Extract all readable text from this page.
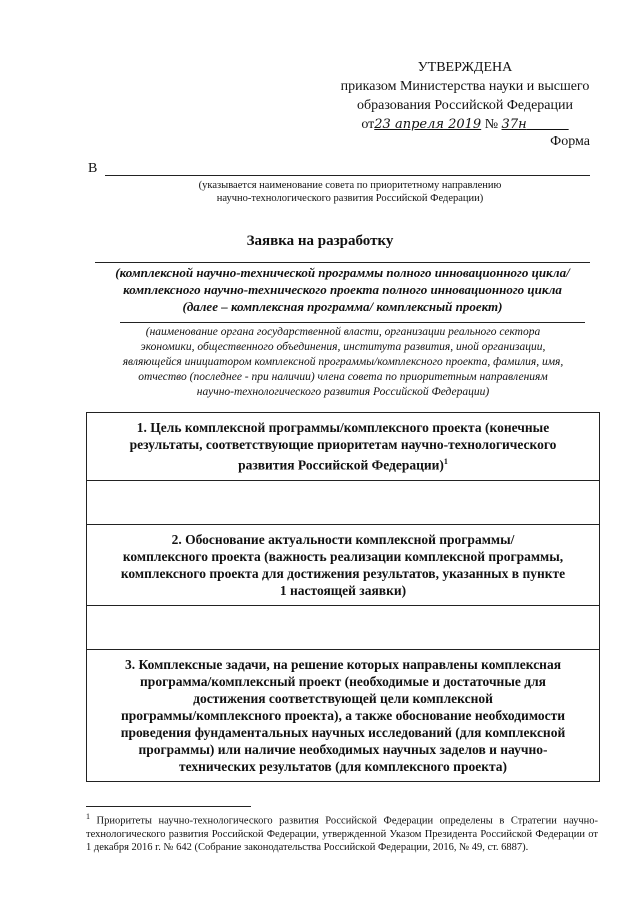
УТВЕРЖДЕНА
приказом Министерства науки и высшего
образования Российской Федерации
от23 апреля 2019 № 37н
Форма
В
(указывается наименование совета по приоритетному направлению
научно-технологического развития Российской Федерации)
Заявка на разработку
(комплексной научно-технической программы полного инновационного цикла/
комплексного научно-технического проекта полного инновационного цикла
(далее – комплексная программа/ комплексный проект)
(наименование органа государственной власти, организации реального сектора
экономики, общественного объединения, института развития, иной организации,
являющейся инициатором комплексной программы/комплексного проекта, фамилия, имя,
отчество (последнее - при наличии) члена совета по приоритетным направлениям
научно-технологического развития Российской Федерации)
1. Цель комплексной программы/комплексного проекта (конечные
результаты, соответствующие приоритетам научно-технологического
развития Российской Федерации)$^1$
2. Обоснование актуальности комплексной программы/
комплексного проекта (важность реализации комплексной программы,
комплексного проекта для достижения результатов, указанных в пункте
1 настоящей заявки)
3. Комплексные задачи, на решение которых направлены комплексная
программа/комплексный проект (необходимые и достаточные для
достижения соответствующей цели комплексной
программы/комплексного проекта), а также обоснование необходимости
проведения фундаментальных научных исследований (для комплексной
программы) или наличие необходимых научных заделов и научно-
технических результатов (для комплексного проекта)
$^1$ Приоритеты научно-технологического развития Российской Федерации определены в Стратегии научно-технологического развития Российской Федерации, утвержденной Указом Президента Российской Федерации от 1 декабря 2016 г. № 642 (Собрание законодательства Российской Федерации, 2016, № 49, ст. 6887).
